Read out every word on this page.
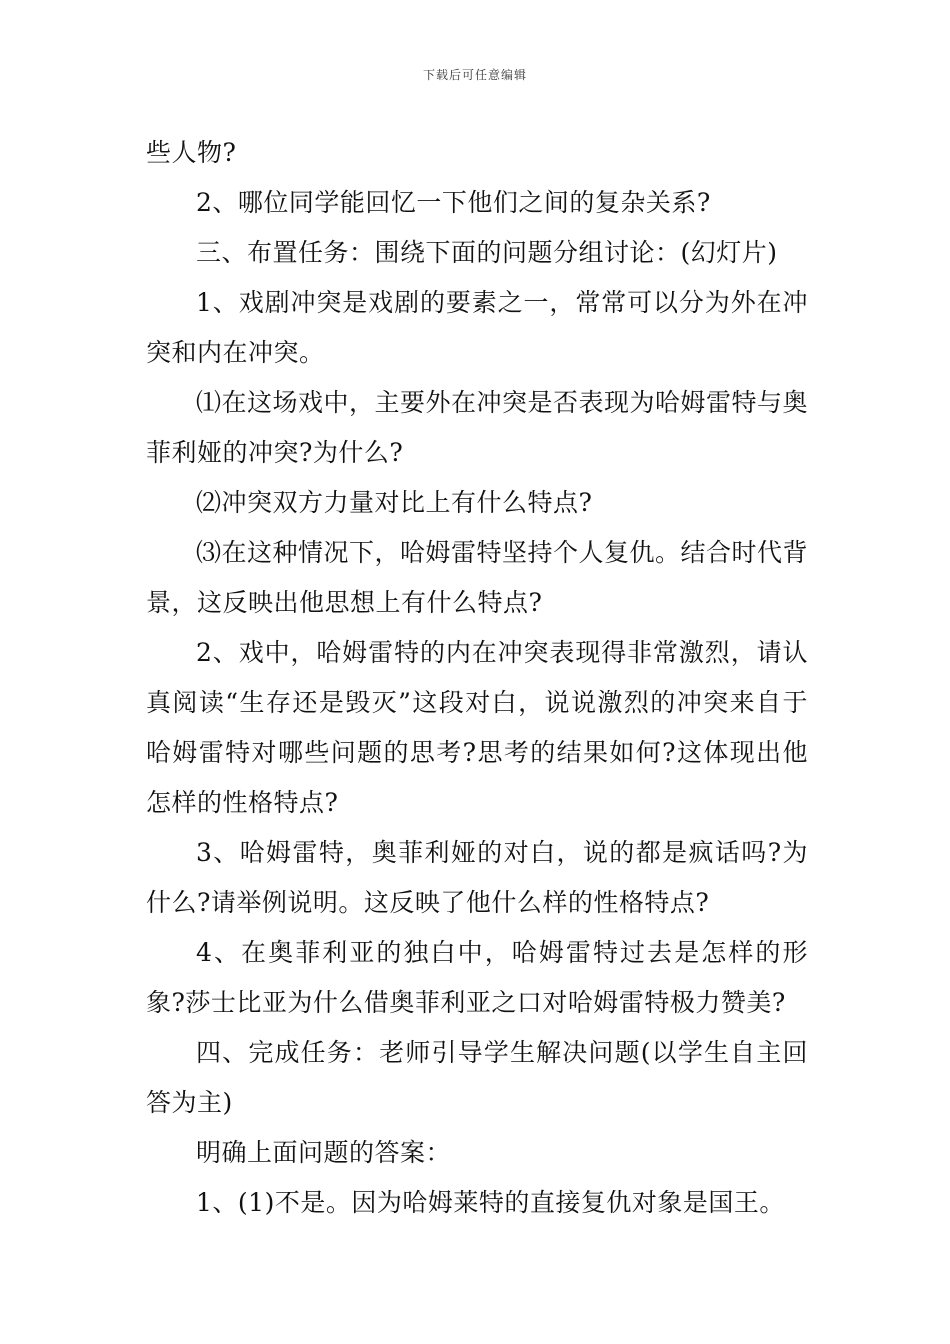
下载后可任意编辑

些人物?

2、哪位同学能回忆一下他们之间的复杂关系?

三、布置任务：围绕下面的问题分组讨论：(幻灯片)

1、戏剧冲突是戏剧的要素之一，常常可以分为外在冲突和内在冲突。

⑴在这场戏中，主要外在冲突是否表现为哈姆雷特与奥菲利娅的冲突?为什么?

⑵冲突双方力量对比上有什么特点?

⑶在这种情况下，哈姆雷特坚持个人复仇。结合时代背景，这反映出他思想上有什么特点?

2、戏中，哈姆雷特的内在冲突表现得非常激烈，请认真阅读“生存还是毁灭”这段对白，说说激烈的冲突来自于哈姆雷特对哪些问题的思考?思考的结果如何?这体现出他怎样的性格特点?

3、哈姆雷特，奥菲利娅的对白，说的都是疯话吗?为什么?请举例说明。这反映了他什么样的性格特点?

4、在奥菲利亚的独白中，哈姆雷特过去是怎样的形象?莎士比亚为什么借奥菲利亚之口对哈姆雷特极力赞美?

四、完成任务：老师引导学生解决问题(以学生自主回答为主)

明确上面问题的答案：

1、(1)不是。因为哈姆莱特的直接复仇对象是国王。
